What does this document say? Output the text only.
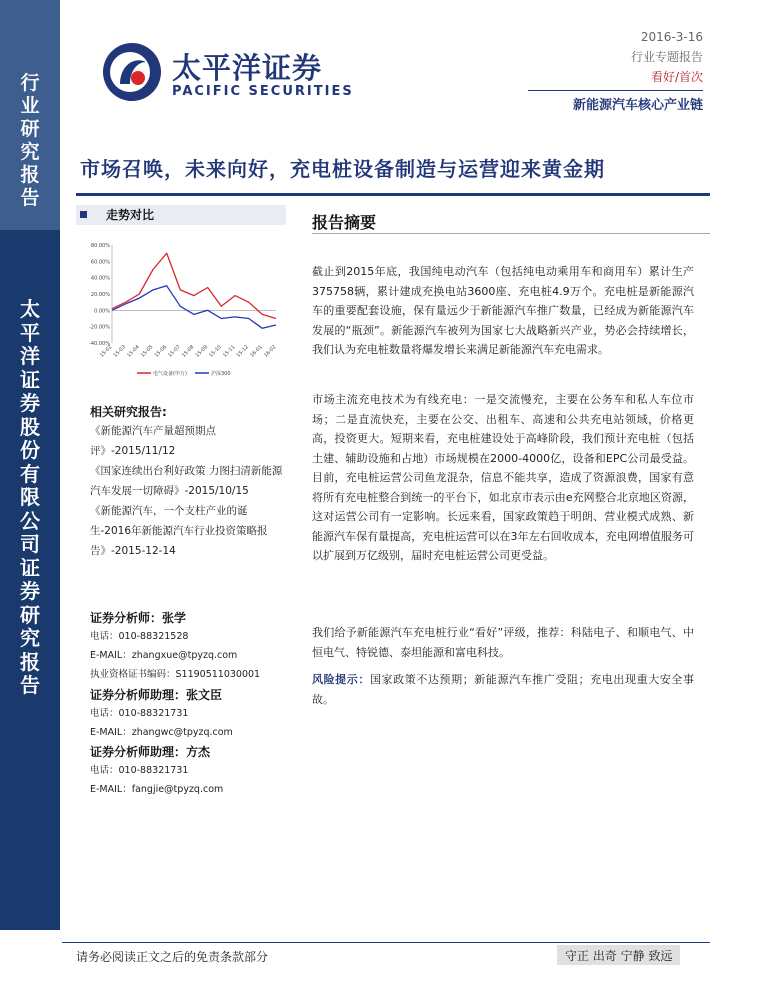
行
业
研
究
报
告
太
平
洋
证
券
股
份
有
限
公
司
证
券
研
究
报
告
太平洋证券
PACIFIC SECURITIES
2016-3-16
行业专题报告
看好/首次
新能源汽车核心产业链
市场召唤，未来向好，充电桩设备制造与运营迎来黄金期
走势对比
80.00%
60.00%
40.00%
20.00%
0.00%
-20.00%
-40.00%
15-02 15-03 15-04 15-05 15-06 15-07 15-08 15-09 15-10 15-11 15-12 16-01 16-02
电气设备(申万)	沪深300
相关研究报告:

《新能源汽车产量超预期点评》-2015/11/12

《国家连续出台利好政策 力图扫清新能源汽车发展一切障碍》-2015/10/15

《新能源汽车，一个支柱产业的诞生-2016年新能源汽车行业投资策略报告》-2015-12-14

证券分析师：张学
电话：010-88321528
E-MAIL：zhangxue@tpyzq.com
执业资格证书编码：S1190511030001
证券分析师助理：张文臣
电话：010-88321731
E-MAIL：zhangwc@tpyzq.com
证券分析师助理：方杰
电话：010-88321731
E-MAIL：fangjie@tpyzq.com
报告摘要
截止到2015年底，我国纯电动汽车（包括纯电动乘用车和商用车）累计生产375758辆，累计建成充换电站3600座、充电桩4.9万个。充电桩是新能源汽车的重要配套设施，保有量远少于新能源汽车推广数量，已经成为新能源汽车发展的“瓶颈”。新能源汽车被列为国家七大战略新兴产业，势必会持续增长，我们认为充电桩数量将爆发增长来满足新能源汽车充电需求。
市场主流充电技术为有线充电：一是交流慢充，主要在公务车和私人车位市场；二是直流快充，主要在公交、出租车、高速和公共充电站领域，价格更高，投资更大。短期来看，充电桩建设处于高峰阶段，我们预计充电桩（包括土建、辅助设施和占地）市场规模在2000-4000亿，设备和EPC公司最受益。目前，充电桩运营公司鱼龙混杂，信息不能共享，造成了资源浪费，国家有意将所有充电桩整合到统一的平台下，如北京市表示由e充网整合北京地区资源，这对运营公司有一定影响。长远来看，国家政策趋于明朗、营业模式成熟、新能源汽车保有量提高，充电桩运营可以在3年左右回收成本，充电网增值服务可以扩展到万亿级别，届时充电桩运营公司更受益。
我们给予新能源汽车充电桩行业“看好”评级，推荐：科陆电子、和顺电气、中恒电气、特锐德、泰坦能源和富电科技。
风险提示：国家政策不达预期；新能源汽车推广受阻；充电出现重大安全事故。
请务必阅读正文之后的免责条款部分	守正 出奇 宁静 致远
